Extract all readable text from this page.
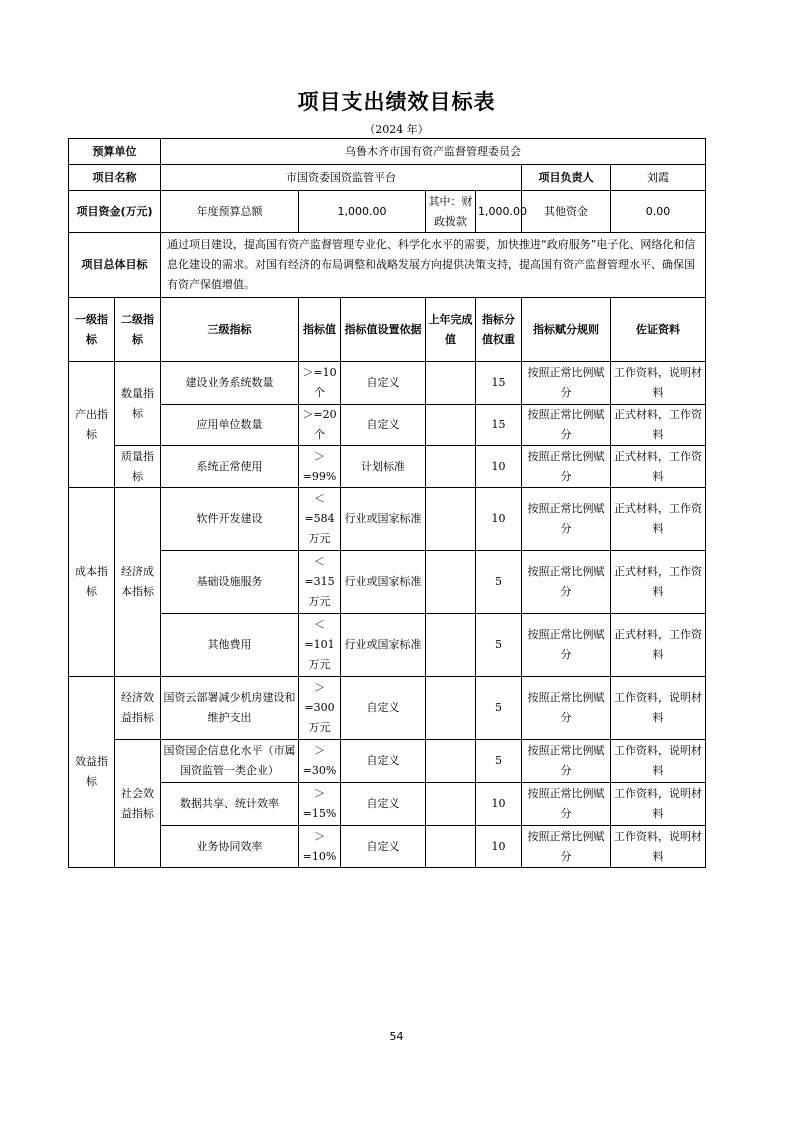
项目支出绩效目标表
（2024 年）
预算单位		乌鲁木齐市国有资产监督管理委员会						
项目名称		市国资委国资监管平台					项目负责人	刘霞
项目资金(万元)		年度预算总额	1,000.00		其中：财政拨款	1,000.00	其他资金	0.00
项目总体目标		通过项目建设，提高国有资产监督管理专业化、科学化水平的需要，加快推进“政府服务”电子化、网络化和信息化建设的需求。对国有经济的布局调整和战略发展方向提供决策支持，提高国有资产监督管理水平、确保国有资产保值增值。						
一级指标	二级指标	三级指标	指标值	指标值设置依据	上年完成值	指标分值权重	指标赋分规则	佐证资料
产出指标	数量指标	建设业务系统数量	＞=10个	自定义		15	按照正常比例赋分	工作资料，说明材料
		应用单位数量	＞=20个	自定义		15	按照正常比例赋分	正式材料，工作资料
	质量指标	系统正常使用	＞=99%	计划标准		10	按照正常比例赋分	正式材料，工作资料
成本指标	经济成本指标	软件开发建设	＜=584万元	行业或国家标准		10	按照正常比例赋分	正式材料，工作资料
		基础设施服务	＜=315万元	行业或国家标准		5	按照正常比例赋分	正式材料，工作资料
		其他费用	＜=101万元	行业或国家标准		5	按照正常比例赋分	正式材料，工作资料
效益指标	经济效益指标	国资云部署减少机房建设和维护支出	＞=300万元	自定义		5	按照正常比例赋分	工作资料，说明材料
	社会效益指标	国资国企信息化水平（市属国资监管一类企业）	＞=30%	自定义		5	按照正常比例赋分	工作资料，说明材料
		数据共享、统计效率	＞=15%	自定义		10	按照正常比例赋分	工作资料，说明材料
		业务协同效率	＞=10%	自定义		10	按照正常比例赋分	工作资料，说明材料
54
